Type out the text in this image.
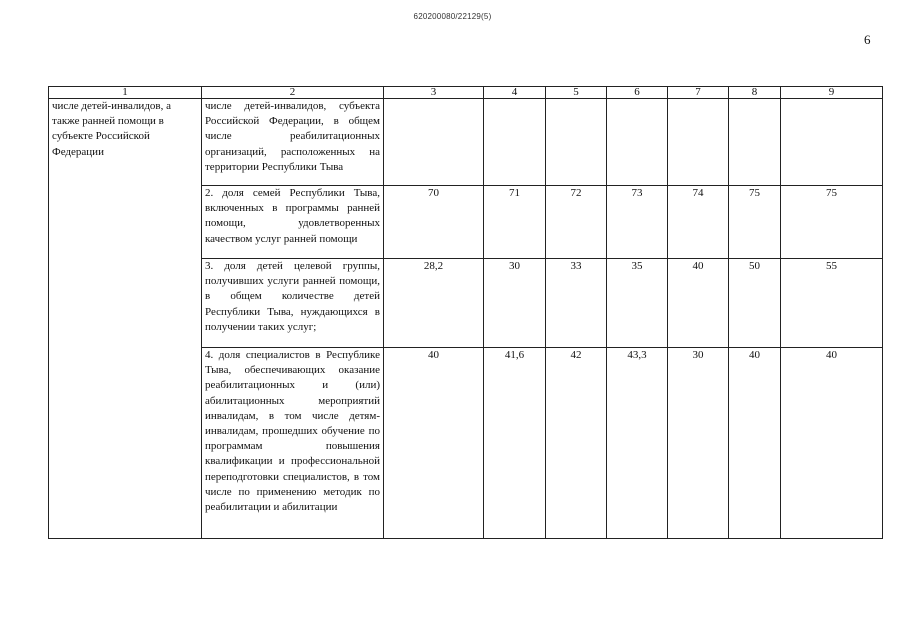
620200080/22129(5)
6
1	2	3	4	5	6	7	8	9
числе детей-инвалидов, а также ранней помощи в субъекте Российской Федерации	числе детей-инвалидов, субъекта Российской Федерации, в общем числе реабилитационных организаций, расположенных на территории Республики Тыва							
	2. доля семей Республики Тыва, включенных в программы ранней помощи, удовлетворенных качеством услуг ранней помощи	70	71	72	73	74	75	75
	3. доля детей целевой группы, получивших услуги ранней помощи, в общем количестве детей Республики Тыва, нуждающихся в получении таких услуг;	28,2	30	33	35	40	50	55
	4. доля специалистов в Республике Тыва, обеспечивающих оказание реабилитационных и (или) абилитационных мероприятий инвалидам, в том числе детям-инвалидам, прошедших обучение по программам повышения квалификации и профессиональной переподготовки специалистов, в том числе по применению методик по реабилитации и абилитации	40	41,6	42	43,3	30	40	40
